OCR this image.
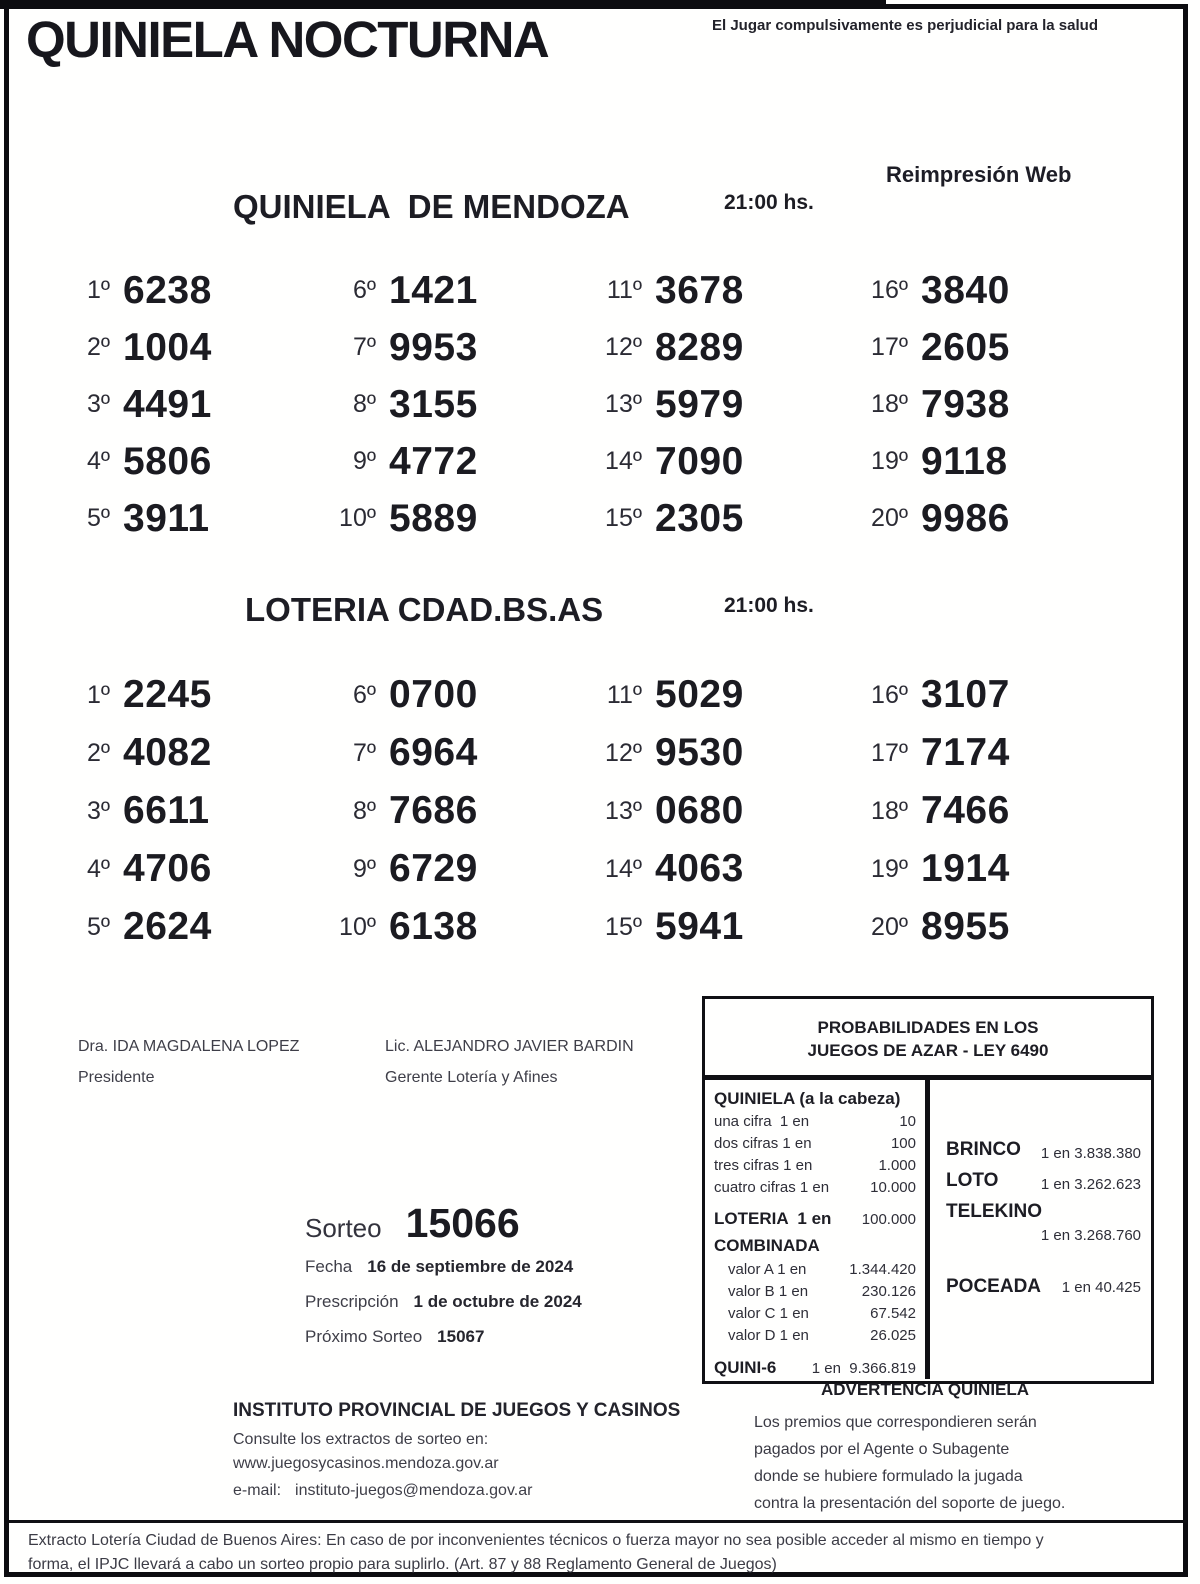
QUINIELA NOCTURNA	El Jugar compulsivamente es perjudicial para la salud
Reimpresión Web
QUINIELA  DE MENDOZA	21:00 hs.
1º 6238
2º 1004
3º 4491
4º 5806
5º 3911
6º 1421
7º 9953
8º 3155
9º 4772
10º 5889
11º 3678
12º 8289
13º 5979
14º 7090
15º 2305
16º 3840
17º 2605
18º 7938
19º 9118
20º 9986
LOTERIA CDAD.BS.AS	21:00 hs.
1º 2245
2º 4082
3º 6611
4º 4706
5º 2624
6º 0700
7º 6964
8º 7686
9º 6729
10º 6138
11º 5029
12º 9530
13º 0680
14º 4063
15º 5941
16º 3107
17º 7174
18º 7466
19º 1914
20º 8955
Dra. IDA MAGDALENA LOPEZ
Presidente
Lic. ALEJANDRO JAVIER BARDIN
Gerente Lotería y Afines
Sorteo 15066
Fecha 16 de septiembre de 2024
Prescripción 1 de octubre de 2024
Próximo Sorteo 15067
PROBABILIDADES EN LOS
JUEGOS DE AZAR - LEY 6490
QUINIELA (a la cabeza)
una cifra  1 en	10
dos cifras 1 en	100
tres cifras 1 en	1.000
cuatro cifras 1 en	10.000
LOTERIA  1 en 100.000
COMBINADA
valor A 1 en	1.344.420
valor B 1 en	230.126
valor C 1 en	67.542
valor D 1 en	26.025
QUINI-6 1 en  9.366.819
BRINCO 1 en 3.838.380
LOTO	1 en 3.262.623
TELEKINO
1 en 3.268.760
POCEADA 1 en 40.425
ADVERTENCIA QUINIELA
Los premios que correspondieren serán
pagados por el Agente o Subagente
donde se hubiere formulado la jugada
contra la presentación del soporte de juego.
INSTITUTO PROVINCIAL DE JUEGOS Y CASINOS
Consulte los extractos de sorteo en:
www.juegosycasinos.mendoza.gov.ar
e-mail: instituto-juegos@mendoza.gov.ar
Extracto Lotería Ciudad de Buenos Aires: En caso de por inconvenientes técnicos o fuerza mayor no sea posible acceder al mismo en tiempo y
forma, el IPJC llevará a cabo un sorteo propio para suplirlo. (Art. 87 y 88 Reglamento General de Juegos)
